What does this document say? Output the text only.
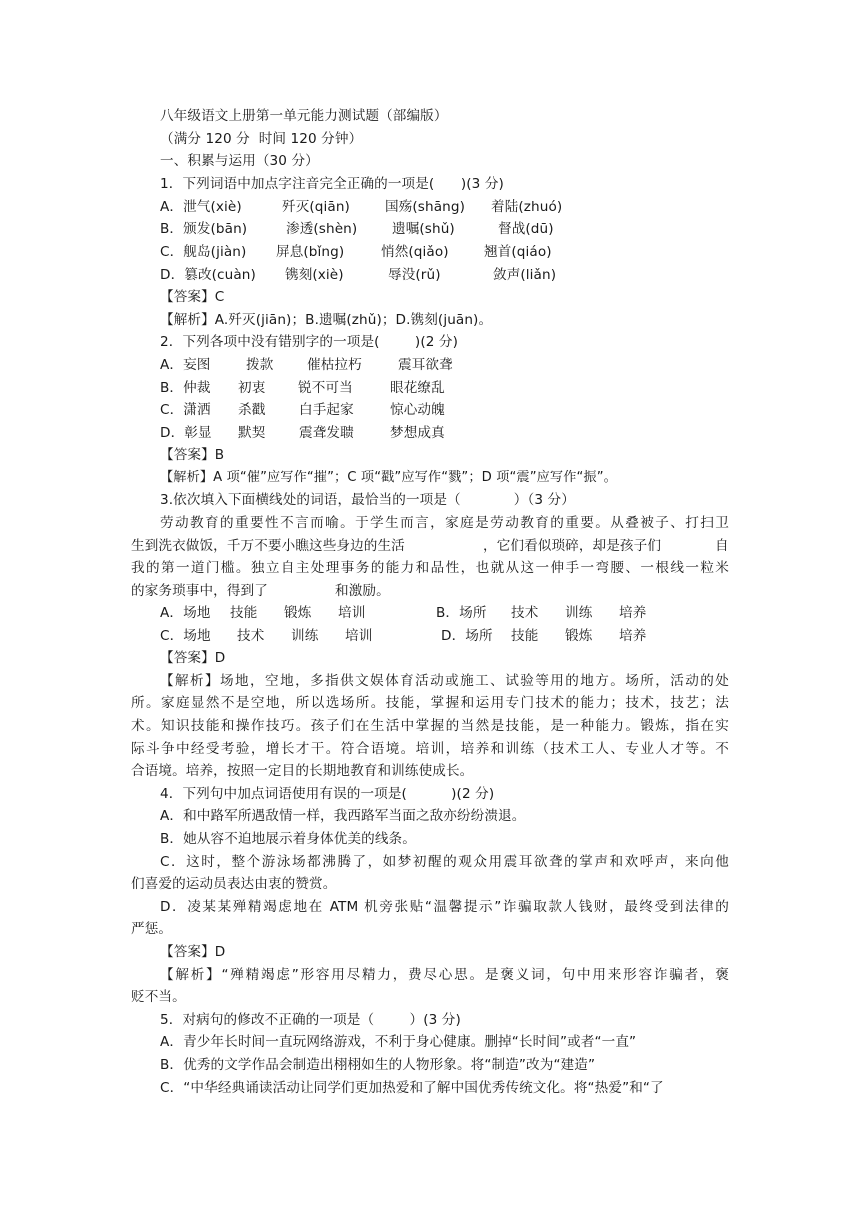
八年级语文上册第一单元能力测试题（部编版）
（满分 120 分  时间 120 分钟）
一、积累与运用（30 分）
1．下列词语中加点字注音完全正确的一项是(      )(3 分)
A．泄气(xiè)	歼灭(qiān)	国殇(shāng) 着陆(zhuó)
B．颁发(bān)	渗透(shèn)	遗嘱(shǔ)	督战(dū)
C．舰岛(jiàn) 屏息(bǐng)	悄然(qiǎo)	翘首(qiáo)
D．篡改(cuàn) 镌刻(xiè)	辱没(rǔ)	敛声(liǎn)
【答案】C
【解析】A.歼灭(jiān)；B.遗嘱(zhǔ)；D.镌刻(juān)。
2．下列各项中没有错别字的一项是(        )(2 分)
A．妄图	拨款 催枯拉朽	震耳欲聋
B．仲裁 初衷 锐不可当	眼花缭乱
C．潇洒 杀戳 白手起家	惊心动魄
D．彰显 默契 震聋发聩	梦想成真
【答案】B
【解析】A 项“催”应写作“摧”；C 项“戳”应写作“戮”；D 项“震”应写作“振”。
3.依次填入下面横线处的词语，最恰当的一项是（            ）（3 分）
劳动教育的重要性不言而喻。于学生而言，家庭是劳动教育的重要。从叠被子、打扫卫
生到洗衣做饭，千万不要小瞧这些身边的生活	，它们看似琐碎，却是孩子们	自
我的第一道门槛。独立自主处理事务的能力和品性，也就从这一伸手一弯腰、一根线一粒米
的家务琐事中，得到了	和激励。
A．场地 技能 锻炼 培训	B．场所 技术 训练 培养
C．场地 技术 训练 培训	D．场所 技能 锻炼 培养
【答案】D
【解析】场地，空地，多指供文娱体育活动或施工、试验等用的地方。场所，活动的处
所。家庭显然不是空地，所以选场所。技能，掌握和运用专门技术的能力；技术，技艺；法
术。知识技能和操作技巧。孩子们在生活中掌握的当然是技能，是一种能力。锻炼，指在实
际斗争中经受考验，增长才干。符合语境。培训，培养和训练（技术工人、专业人才等。不
合语境。培养，按照一定目的长期地教育和训练使成长。
4．下列句中加点词语使用有误的一项是(          )(2 分)
A．和中路军所遇敌情一样，我西路军当面之敌亦纷纷溃退。
B．她从容不迫地展示着身体优美的线条。
C．这时，整个游泳场都沸腾了，如梦初醒的观众用震耳欲聋的掌声和欢呼声，来向他
们喜爱的运动员表达由衷的赞赏。
D．凌某某殚精竭虑地在 ATM 机旁张贴“温馨提示”诈骗取款人钱财，最终受到法律的
严惩。
【答案】D
【解析】“殚精竭虑”形容用尽精力，费尽心思。是褒义词，句中用来形容诈骗者，褒
贬不当。
5．对病句的修改不正确的一项是（        ）(3 分)
A．青少年长时间一直玩网络游戏，不利于身心健康。删掉“长时间”或者“一直”
B．优秀的文学作品会制造出栩栩如生的人物形象。将“制造”改为“建造”
C．“中华经典诵读活动让同学们更加热爱和了解中国优秀传统文化。将“热爱”和“了
